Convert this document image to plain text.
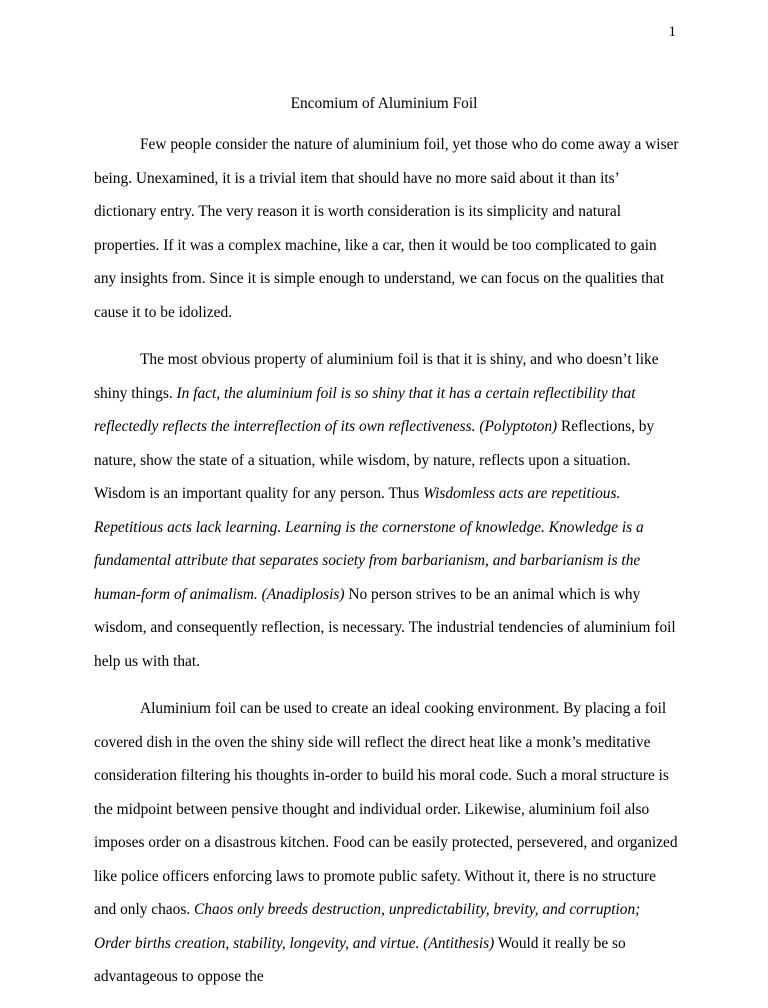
1
Encomium of Aluminium Foil

Few people consider the nature of aluminium foil, yet those who do come away a wiser being. Unexamined, it is a trivial item that should have no more said about it than its’ dictionary entry. The very reason it is worth consideration is its simplicity and natural properties. If it was a complex machine, like a car, then it would be too complicated to gain any insights from. Since it is simple enough to understand, we can focus on the qualities that cause it to be idolized.

The most obvious property of aluminium foil is that it is shiny, and who doesn’t like shiny things. In fact, the aluminium foil is so shiny that it has a certain reflectibility that reflectedly reflects the interreflection of its own reflectiveness. (Polyptoton) Reflections, by nature, show the state of a situation, while wisdom, by nature, reflects upon a situation. Wisdom is an important quality for any person. Thus Wisdomless acts are repetitious. Repetitious acts lack learning. Learning is the cornerstone of knowledge. Knowledge is a fundamental attribute that separates society from barbarianism, and barbarianism is the human-form of animalism. (Anadiplosis) No person strives to be an animal which is why wisdom, and consequently reflection, is necessary. The industrial tendencies of aluminium foil help us with that.

Aluminium foil can be used to create an ideal cooking environment. By placing a foil covered dish in the oven the shiny side will reflect the direct heat like a monk’s meditative consideration filtering his thoughts in-order to build his moral code. Such a moral structure is the midpoint between pensive thought and individual order. Likewise, aluminium foil also imposes order on a disastrous kitchen. Food can be easily protected, persevered, and organized like police officers enforcing laws to promote public safety. Without it, there is no structure and only chaos. Chaos only breeds destruction, unpredictability, brevity, and corruption; Order births creation, stability, longevity, and virtue. (Antithesis) Would it really be so advantageous to oppose the
